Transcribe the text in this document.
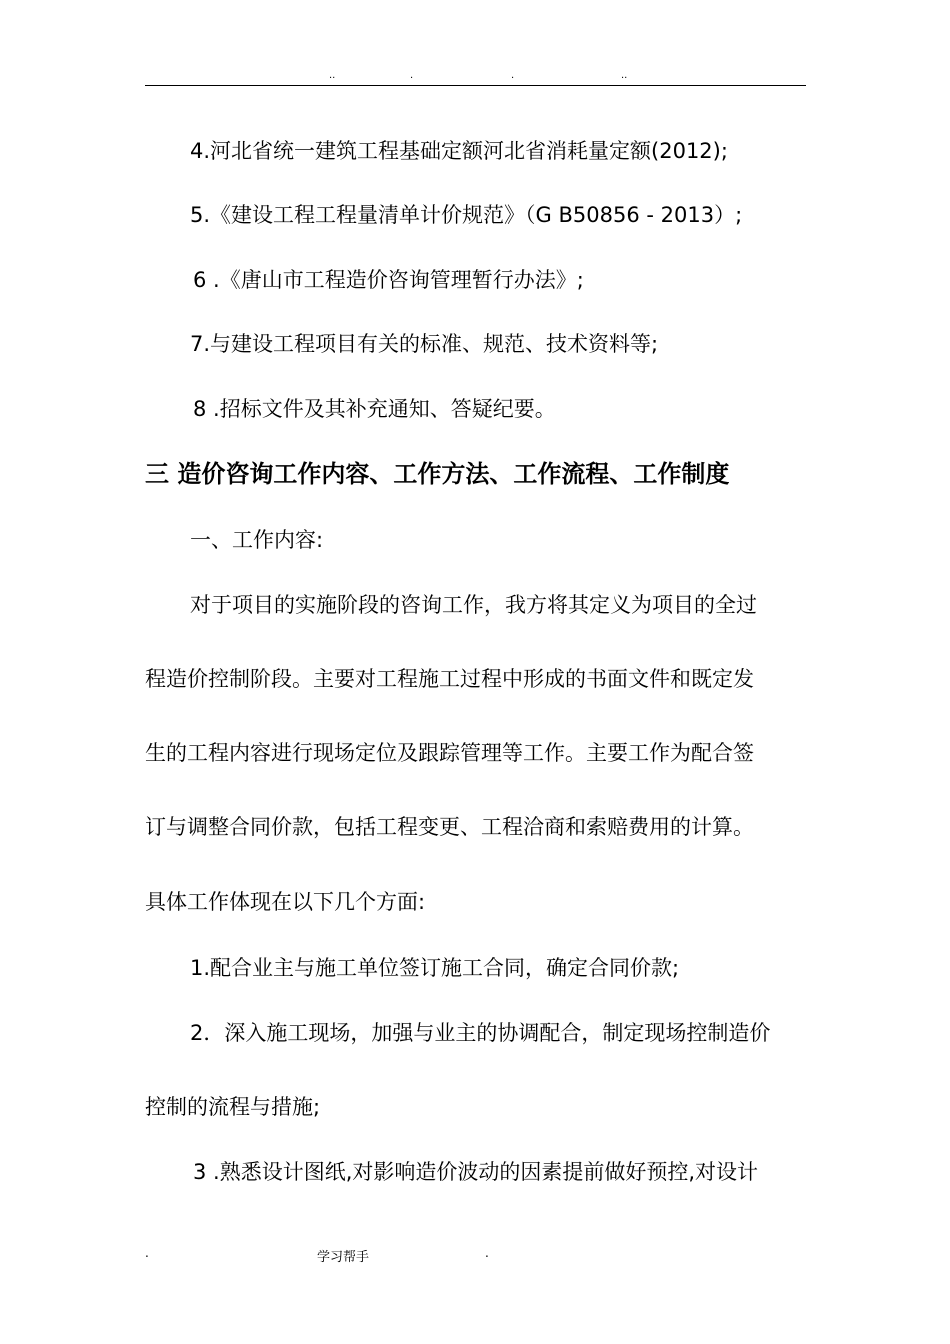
..	.	.	..
4.河北省统一建筑工程基础定额河北省消耗量定额(2012);
5.《建设工程工程量清单计价规范》（G B50856 - 2013）;
6 .《唐山市工程造价咨询管理暂行办法》;
7.与建设工程项目有关的标准、规范、技术资料等;
8 .招标文件及其补充通知、答疑纪要。
三 造价咨询工作内容、工作方法、工作流程、工作制度
一、工作内容:
对于项目的实施阶段的咨询工作，我方将其定义为项目的全过
程造价控制阶段。主要对工程施工过程中形成的书面文件和既定发
生的工程内容进行现场定位及跟踪管理等工作。主要工作为配合签
订与调整合同价款，包括工程变更、工程洽商和索赔费用的计算。
具体工作体现在以下几个方面:
1.配合业主与施工单位签订施工合同，确定合同价款;
2．深入施工现场，加强与业主的协调配合，制定现场控制造价
控制的流程与措施;
3 .熟悉设计图纸,对影响造价波动的因素提前做好预控,对设计
.	学习帮手	.
